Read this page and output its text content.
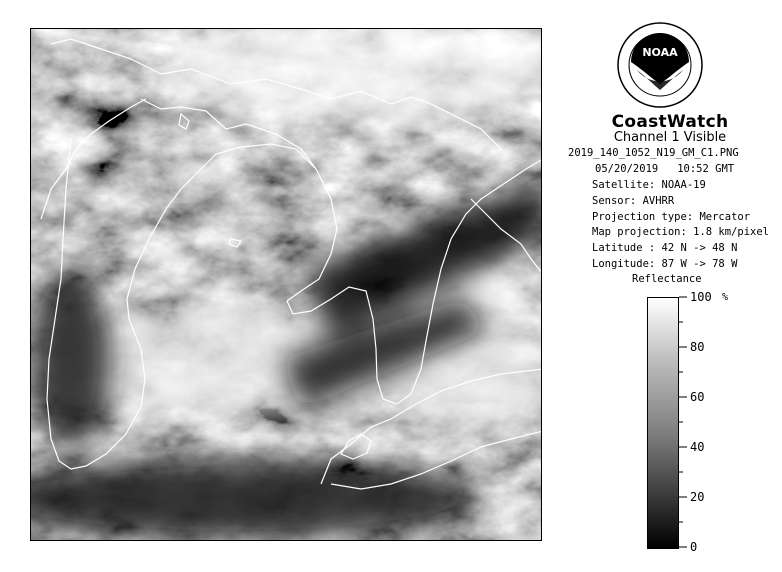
NOAA
CoastWatch
Channel 1 Visible
2019_140_1052_N19_GM_C1.PNG
05/20/2019 10:52 GMT
Satellite: NOAA-19
Sensor: AVHRR
Projection type: Mercator
Map projection: 1.8 km/pixel
Latitude : 42 N -> 48 N
Longitude: 87 W -> 78 W
Reflectance
100
80
60
40
20
0
%
